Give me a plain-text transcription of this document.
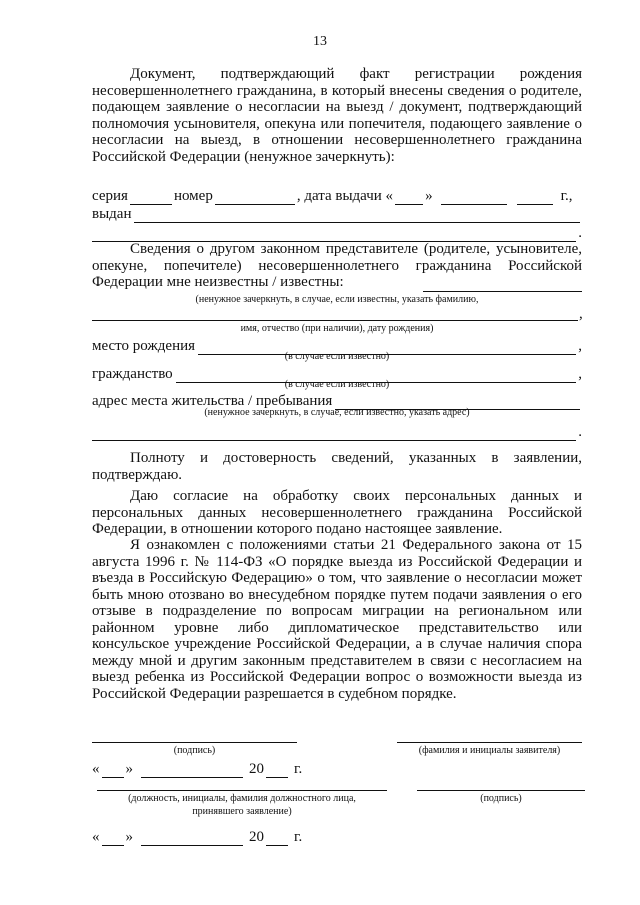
13

Документ, подтверждающий факт регистрации рождения несовершеннолетнего гражданина, в который внесены сведения о родителе, подающем заявление о несогласии на выезд / документ, подтверждающий полномочия усыновителя, опекуна или попечителя, подающего заявление о несогласии на выезд, в отношении несовершеннолетнего гражданина Российской Федерации (ненужное зачеркнуть):

серия	номер	, дата выдачи « »	г.,
выдан
.

Сведения о другом законном представителе (родителе, усыновителе, опекуне, попечителе) несовершеннолетнего гражданина Российской Федерации мне неизвестны / известны:

(ненужное зачеркнуть, в случае, если известны, указать фамилию,
,
имя, отчество (при наличии), дату рождения)
место рождения	,
(в случае если известно)
гражданство	,
(в случае если известно)
адрес места жительства / пребывания
(ненужное зачеркнуть, в случае, если известно, указать адрес)
.

Полноту и достоверность сведений, указанных в заявлении, подтверждаю.

Даю согласие на обработку своих персональных данных и персональных данных несовершеннолетнего гражданина Российской Федерации, в отношении которого подано настоящее заявление.

Я ознакомлен с положениями статьи 21 Федерального закона от 15 августа 1996 г. № 114-ФЗ «О порядке выезда из Российской Федерации и въезда в Российскую Федерацию» о том, что заявление о несогласии может быть мною отозвано во внесудебном порядке путем подачи заявления о его отзыве в подразделение по вопросам миграции на региональном или районном уровне либо дипломатическое представительство или консульское учреждение Российской Федерации, а в случае наличия спора между мной и другим законным представителем в связи с несогласием на выезд ребенка из Российской Федерации вопрос о возможности выезда из Российской Федерации разрешается в судебном порядке.

(подпись)	(фамилия и инициалы заявителя)
« »	20 г.
(должность, инициалы, фамилия должностного лица,
принявшего заявление)
(подпись)
« »	20 г.
